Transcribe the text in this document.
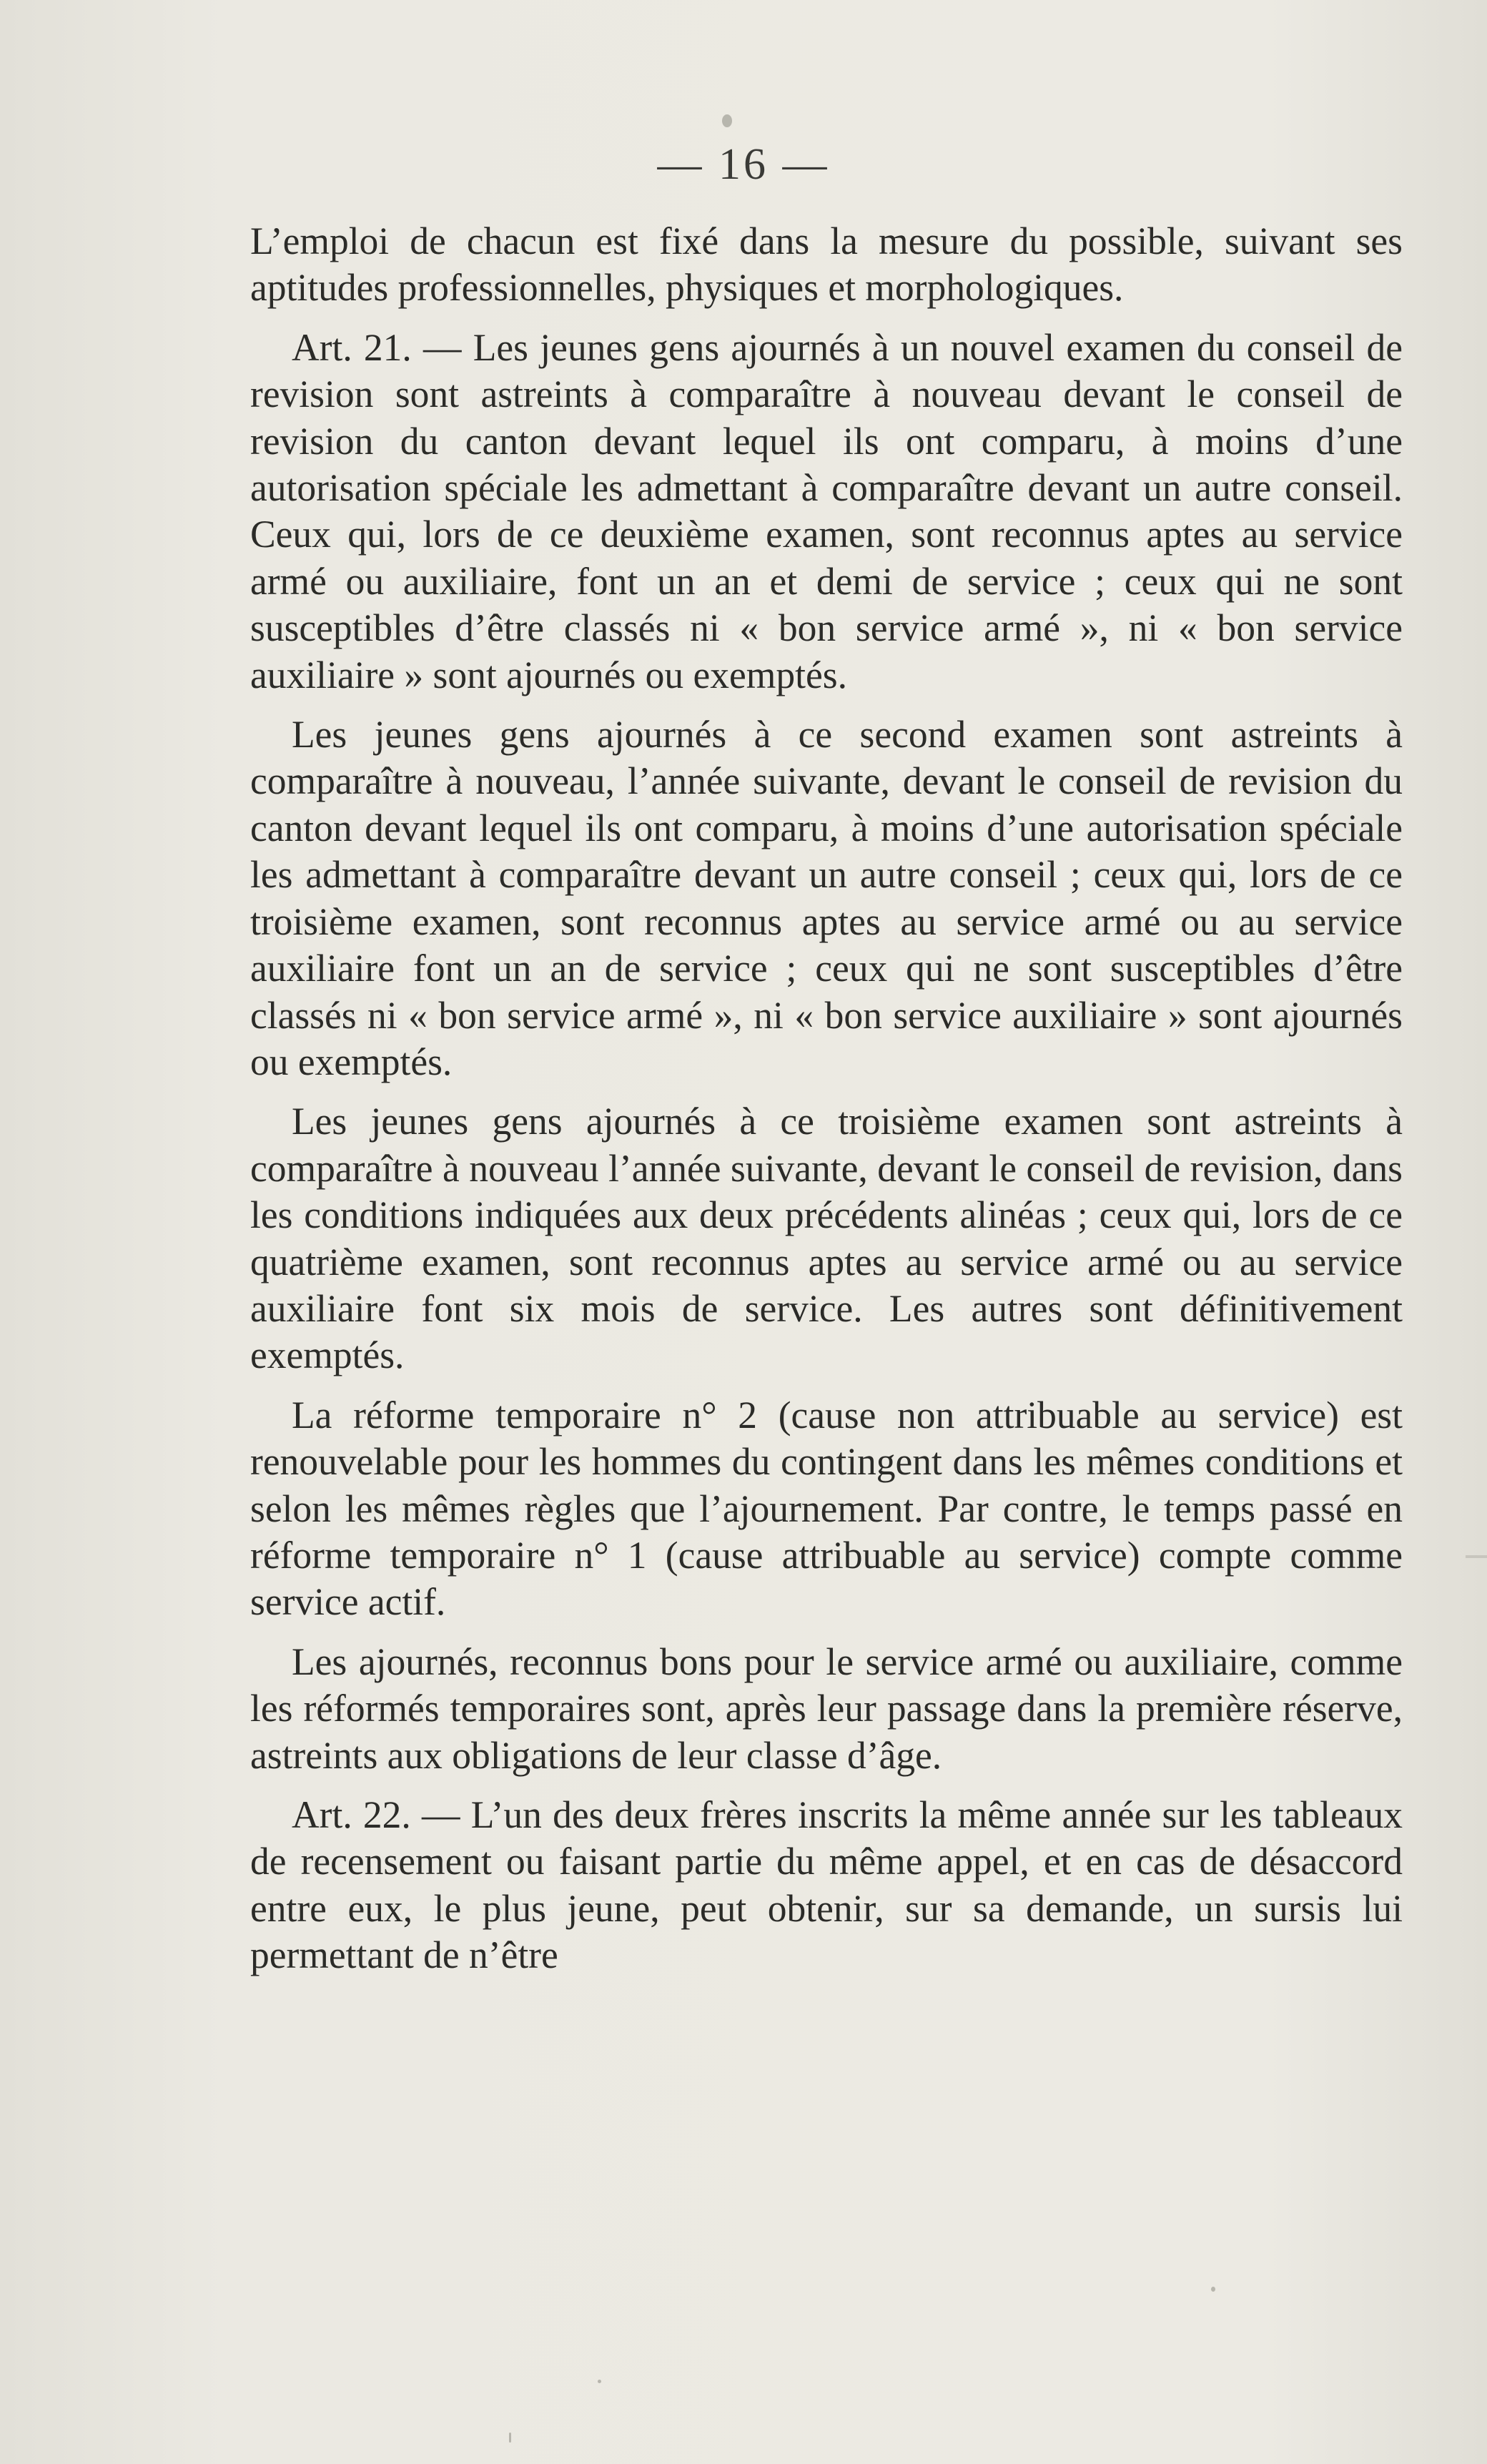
— 16 —

L’emploi de chacun est fixé dans la mesure du possible, suivant ses aptitudes professionnelles, physiques et morphologiques.

Art. 21. — Les jeunes gens ajournés à un nouvel examen du conseil de revision sont astreints à comparaître à nouveau devant le conseil de revision du canton devant lequel ils ont comparu, à moins d’une autorisation spéciale les admettant à comparaître devant un autre conseil. Ceux qui, lors de ce deuxième examen, sont reconnus aptes au service armé ou auxiliaire, font un an et demi de service ; ceux qui ne sont susceptibles d’être classés ni « bon service armé », ni « bon service auxiliaire » sont ajournés ou exemptés.

Les jeunes gens ajournés à ce second examen sont astreints à comparaître à nouveau, l’année suivante, devant le conseil de revision du canton devant lequel ils ont comparu, à moins d’une autorisation spéciale les admettant à comparaître devant un autre conseil ; ceux qui, lors de ce troisième examen, sont reconnus aptes au service armé ou au service auxiliaire font un an de service ; ceux qui ne sont susceptibles d’être classés ni « bon service armé », ni « bon service auxiliaire » sont ajournés ou exemptés.

Les jeunes gens ajournés à ce troisième examen sont astreints à comparaître à nouveau l’année suivante, devant le conseil de revision, dans les conditions indiquées aux deux précédents alinéas ; ceux qui, lors de ce quatrième examen, sont reconnus aptes au service armé ou au service auxiliaire font six mois de service. Les autres sont définitivement exemptés.

La réforme temporaire n° 2 (cause non attribuable au service) est renouvelable pour les hommes du contingent dans les mêmes conditions et selon les mêmes règles que l’ajournement. Par contre, le temps passé en réforme temporaire n° 1 (cause attribuable au service) compte comme service actif.

Les ajournés, reconnus bons pour le service armé ou auxiliaire, comme les réformés temporaires sont, après leur passage dans la première réserve, astreints aux obligations de leur classe d’âge.

Art. 22. — L’un des deux frères inscrits la même année sur les tableaux de recensement ou faisant partie du même appel, et en cas de désaccord entre eux, le plus jeune, peut obtenir, sur sa demande, un sursis lui permettant de n’être
